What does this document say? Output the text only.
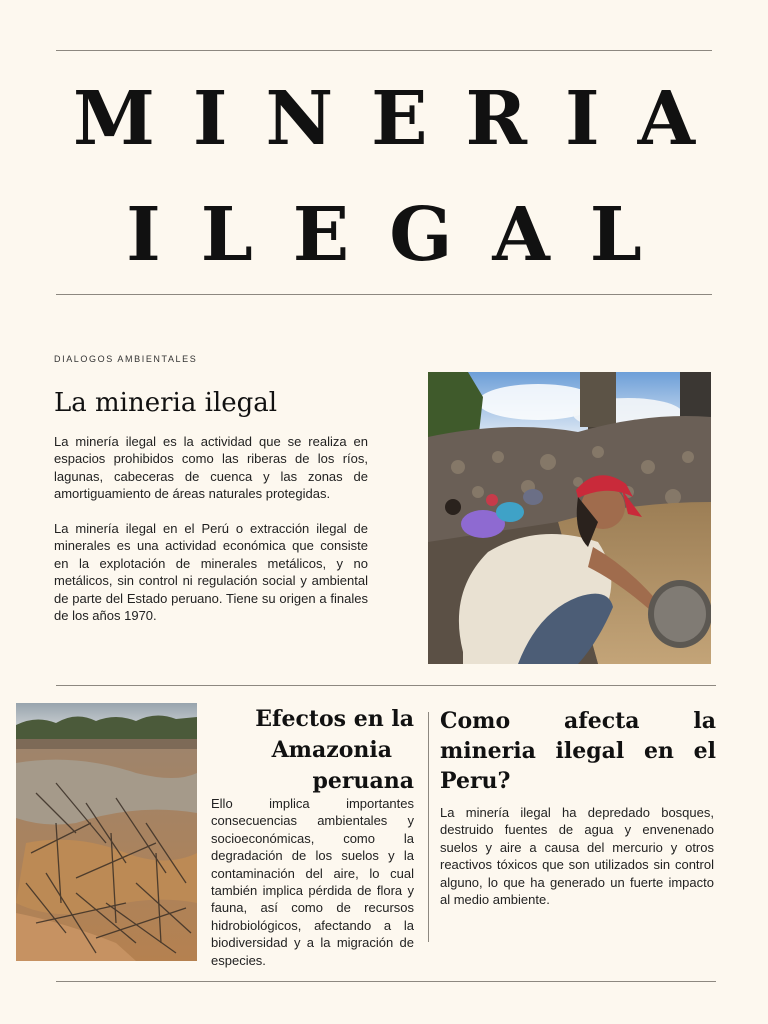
MINERIA
ILEGAL
DIALOGOS AMBIENTALES
La mineria ilegal

La minería ilegal es la actividad que se realiza en espacios prohibidos como las riberas de los ríos, lagunas, cabeceras de cuenca y las zonas de amortiguamiento de áreas naturales protegidas.

La minería ilegal en el Perú o extracción ilegal de minerales es una actividad económica que consiste en la explotación de minerales metálicos, y no metálicos, sin control ni regulación social y ambiental de parte del Estado peruano. Tiene su origen a finales de los años 1970.

Efectos en la
Amazonia
peruana

Ello implica importantes consecuencias ambientales y socioeconómicas, como la degradación de los suelos y la contaminación del aire, lo cual también implica pérdida de flora y fauna, así como de recursos hidrobiológicos, afectando a la biodiversidad y a la migración de especies.

Como afecta la mineria ilegal en el Peru?

La minería ilegal ha depredado bosques, destruido fuentes de agua y envenenado suelos y aire a causa del mercurio y otros reactivos tóxicos que son utilizados sin control alguno, lo que ha generado un fuerte impacto al medio ambiente.
